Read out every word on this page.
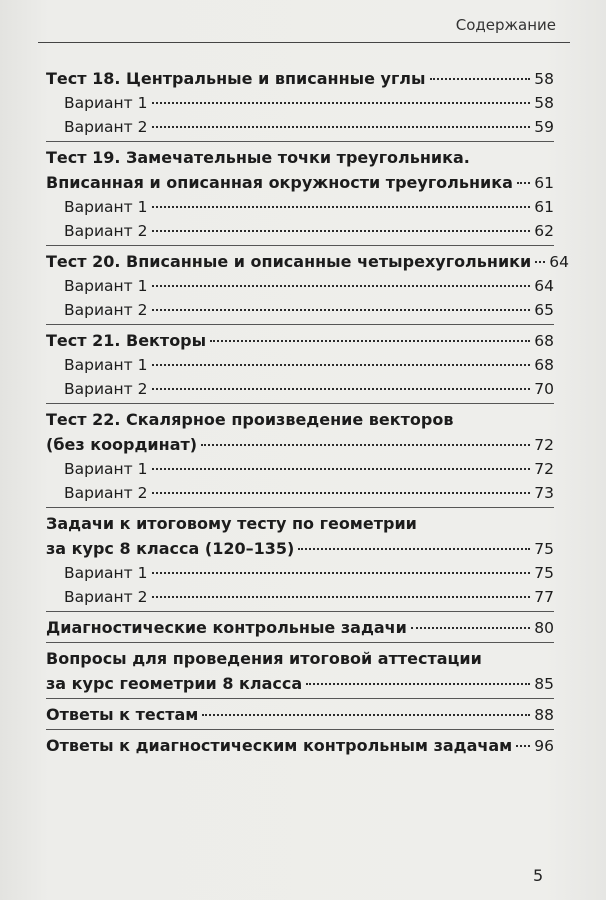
Содержание
Тест 18. Центральные и вписанные углы	58
Вариант 1	58
Вариант 2	59
Тест 19. Замечательные точки треугольника.
Вписанная и описанная окружности треугольника 61
Вариант 1	61
Вариант 2	62
Тест 20. Вписанные и описанные четырехугольники 64
Вариант 1	64
Вариант 2	65
Тест 21. Векторы	68
Вариант 1	68
Вариант 2	70
Тест 22. Скалярное произведение векторов
(без координат)	72
Вариант 1	72
Вариант 2	73
Задачи к итоговому тесту по геометрии
за курс 8 класса (120–135)	75
Вариант 1	75
Вариант 2	77
Диагностические контрольные задачи	80
Вопросы для проведения итоговой аттестации
за курс геометрии 8 класса	85
Ответы к тестам	88
Ответы к диагностическим контрольным задачам 96
5
